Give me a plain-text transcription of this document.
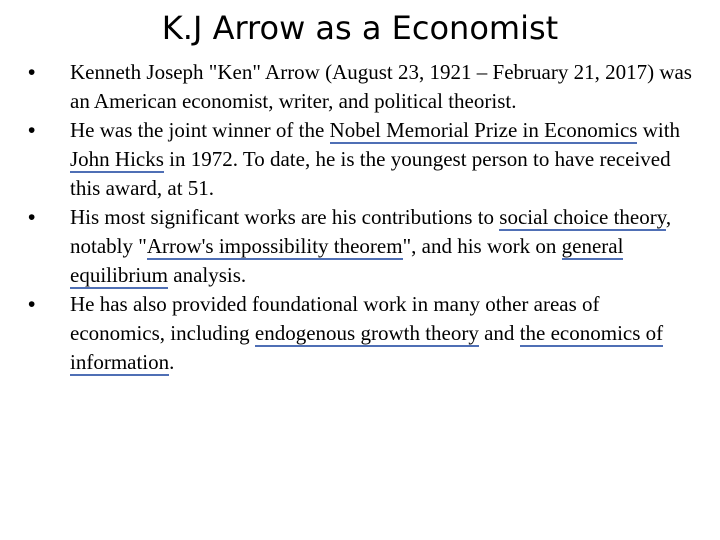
K.J Arrow as a Economist
• Kenneth Joseph "Ken" Arrow (August 23, 1921 – February 21, 2017) was an American economist, writer, and political theorist.
• He was the joint winner of the Nobel Memorial Prize in Economics with John Hicks in 1972. To date, he is the youngest person to have received this award, at 51.
• His most significant works are his contributions to social choice theory, notably "Arrow's impossibility theorem", and his work on general equilibrium analysis.
• He has also provided foundational work in many other areas of economics, including endogenous growth theory and the economics of information.
